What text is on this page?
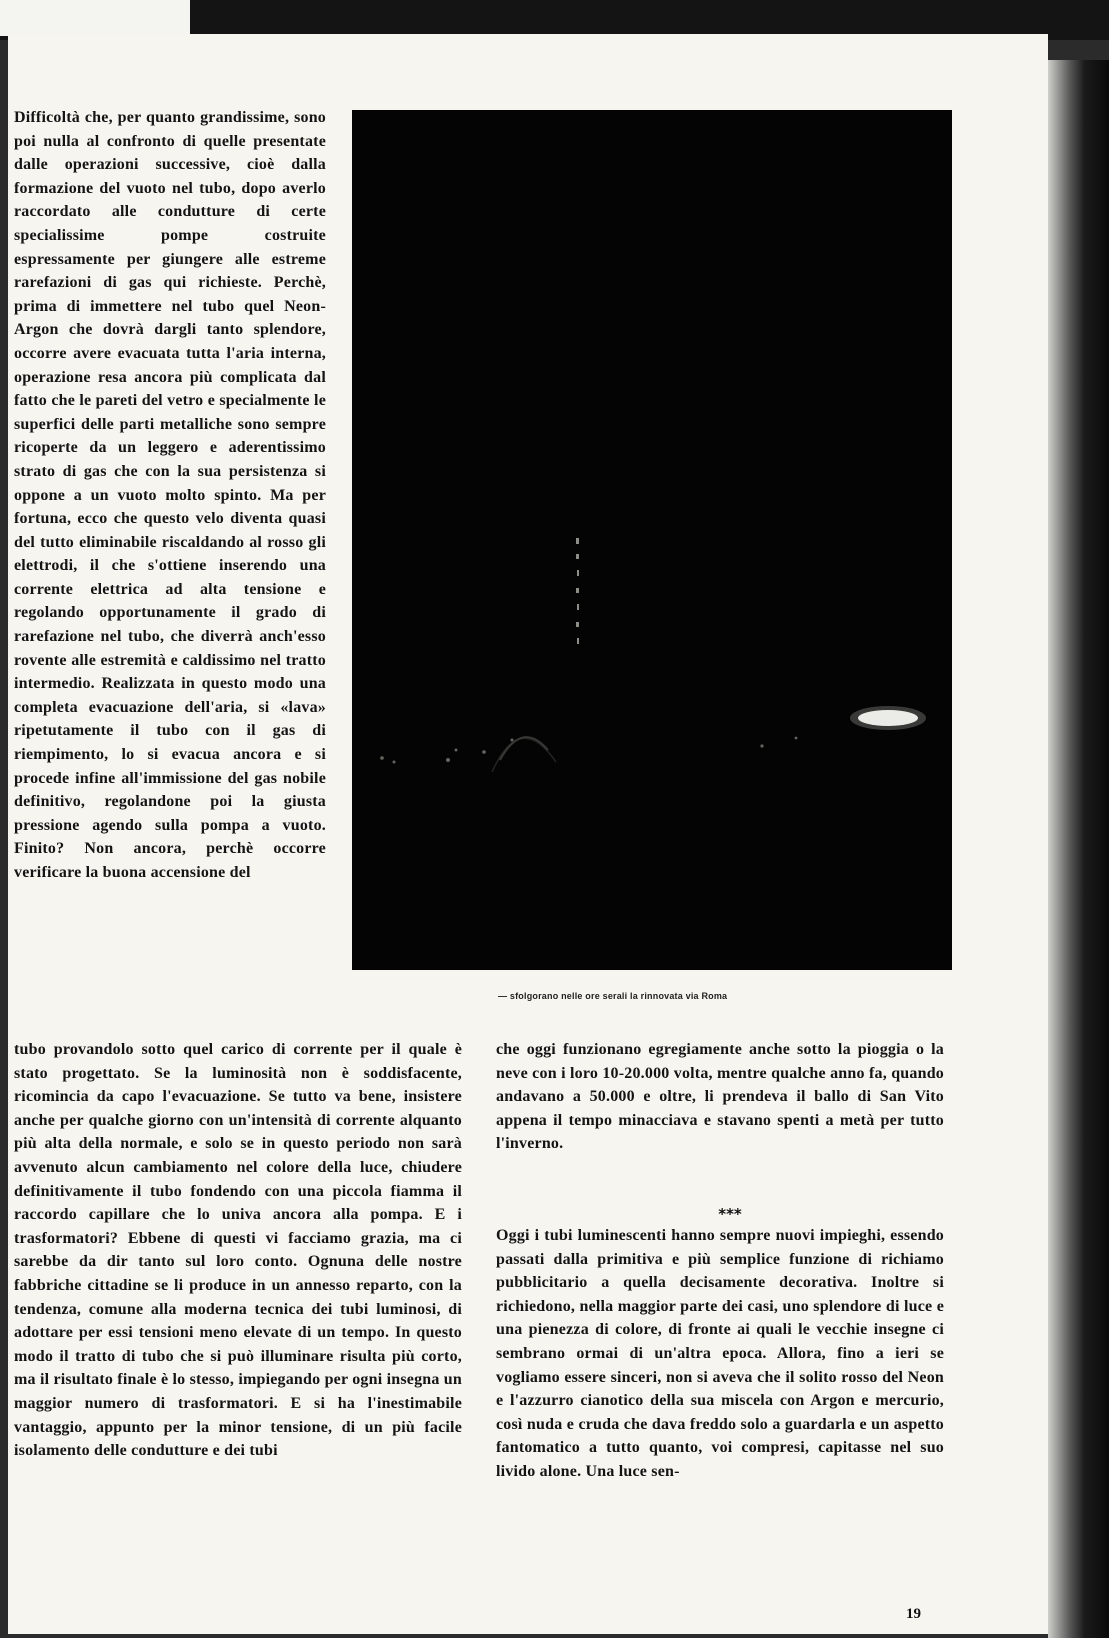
Difficoltà che, per quanto grandissime, sono poi nulla al confronto di quelle presentate dalle operazioni successive, cioè dalla formazione del vuoto nel tubo, dopo averlo raccordato alle condutture di certe specialissime pompe costruite espressamente per giungere alle estreme rarefazioni di gas qui richieste. Perchè, prima di immettere nel tubo quel Neon-Argon che dovrà dargli tanto splendore, occorre avere evacuata tutta l'aria interna, operazione resa ancora più complicata dal fatto che le pareti del vetro e specialmente le superfici delle parti metalliche sono sempre ricoperte da un leggero e aderentissimo strato di gas che con la sua persistenza si oppone a un vuoto molto spinto. Ma per fortuna, ecco che questo velo diventa quasi del tutto eliminabile riscaldando al rosso gli elettrodi, il che s'ottiene inserendo una corrente elettrica ad alta tensione e regolando opportunamente il grado di rarefazione nel tubo, che diverrà anch'esso rovente alle estremità e caldissimo nel tratto intermedio. Realizzata in questo modo una completa evacuazione dell'aria, si «lava» ripetutamente il tubo con il gas di riempimento, lo si evacua ancora e si procede infine all'immissione del gas nobile definitivo, regolandone poi la giusta pressione agendo sulla pompa a vuoto. Finito? Non ancora, perchè occorre verificare la buona accensione del
— sfolgorano nelle ore serali la rinnovata via Roma
tubo provandolo sotto quel carico di corrente per il quale è stato progettato. Se la luminosità non è soddisfacente, ricomincia da capo l'evacuazione. Se tutto va bene, insistere anche per qualche giorno con un'intensità di corrente alquanto più alta della normale, e solo se in questo periodo non sarà avvenuto alcun cambiamento nel colore della luce, chiudere definitivamente il tubo fondendo con una piccola fiamma il raccordo capillare che lo univa ancora alla pompa. E i trasformatori? Ebbene di questi vi facciamo grazia, ma ci sarebbe da dir tanto sul loro conto. Ognuna delle nostre fabbriche cittadine se li produce in un annesso reparto, con la tendenza, comune alla moderna tecnica dei tubi luminosi, di adottare per essi tensioni meno elevate di un tempo. In questo modo il tratto di tubo che si può illuminare risulta più corto, ma il risultato finale è lo stesso, impiegando per ogni insegna un maggior numero di trasformatori. E si ha l'inestimabile vantaggio, appunto per la minor tensione, di un più facile isolamento delle condutture e dei tubi

che oggi funzionano egregiamente anche sotto la pioggia o la neve con i loro 10-20.000 volta, mentre qualche anno fa, quando andavano a 50.000 e oltre, li prendeva il ballo di San Vito appena il tempo minacciava e stavano spenti a metà per tutto l'inverno.

Oggi i tubi luminescenti hanno sempre nuovi impieghi, essendo passati dalla primitiva e più semplice funzione di richiamo pubblicitario a quella decisamente decorativa. Inoltre si richiedono, nella maggior parte dei casi, uno splendore di luce e una pienezza di colore, di fronte ai quali le vecchie insegne ci sembrano ormai di un'altra epoca. Allora, fino a ieri se vogliamo essere sinceri, non si aveva che il solito rosso del Neon e l'azzurro cianotico della sua miscela con Argon e mercurio, così nuda e cruda che dava freddo solo a guardarla e un aspetto fantomatico a tutto quanto, voi compresi, capitasse nel suo livido alone. Una luce sen-

***
19
